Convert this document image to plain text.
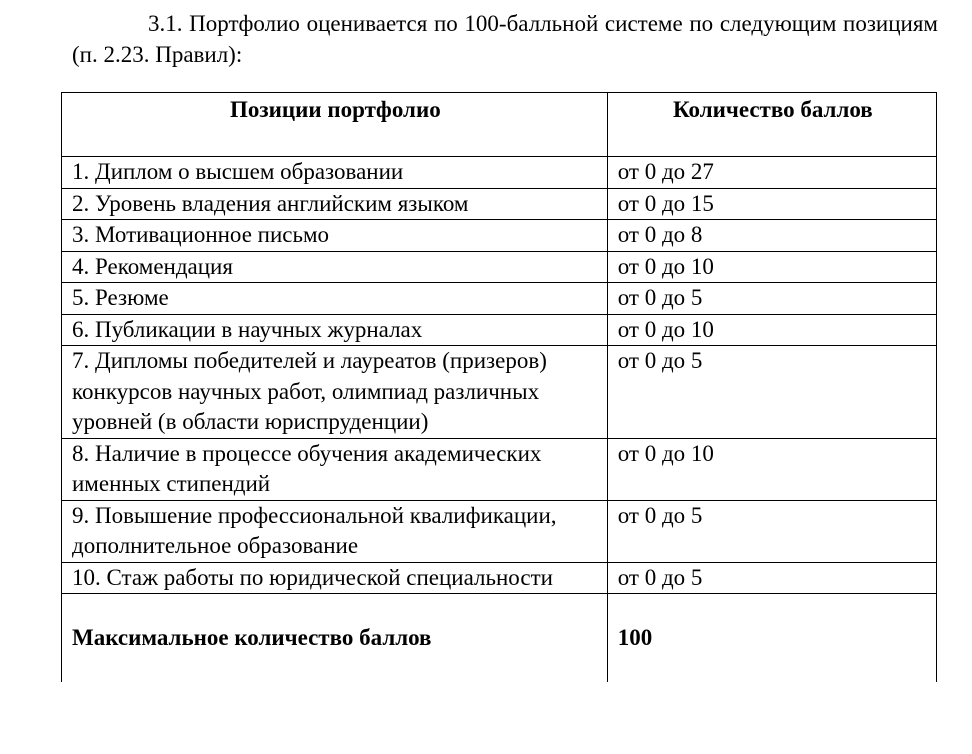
3.1. Портфолио оценивается по 100-балльной системе по следующим позициям (п. 2.23. Правил):

Позиции портфолио	Количество баллов
1. Диплом о высшем образовании	от 0 до 27
2. Уровень владения английским языком	от 0 до 15
3. Мотивационное письмо	от 0 до 8
4. Рекомендация	от 0 до 10
5. Резюме	от 0 до 5
6. Публикации в научных журналах	от 0 до 10
7. Дипломы победителей и лауреатов (призеров) конкурсов научных работ, олимпиад различных уровней (в области юриспруденции)	от 0 до 5
8. Наличие в процессе обучения академических именных стипендий	от 0 до 10
9. Повышение профессиональной квалификации, дополнительное образование	от 0 до 5
10. Стаж работы по юридической специальности	от 0 до 5
Максимальное количество баллов	100
